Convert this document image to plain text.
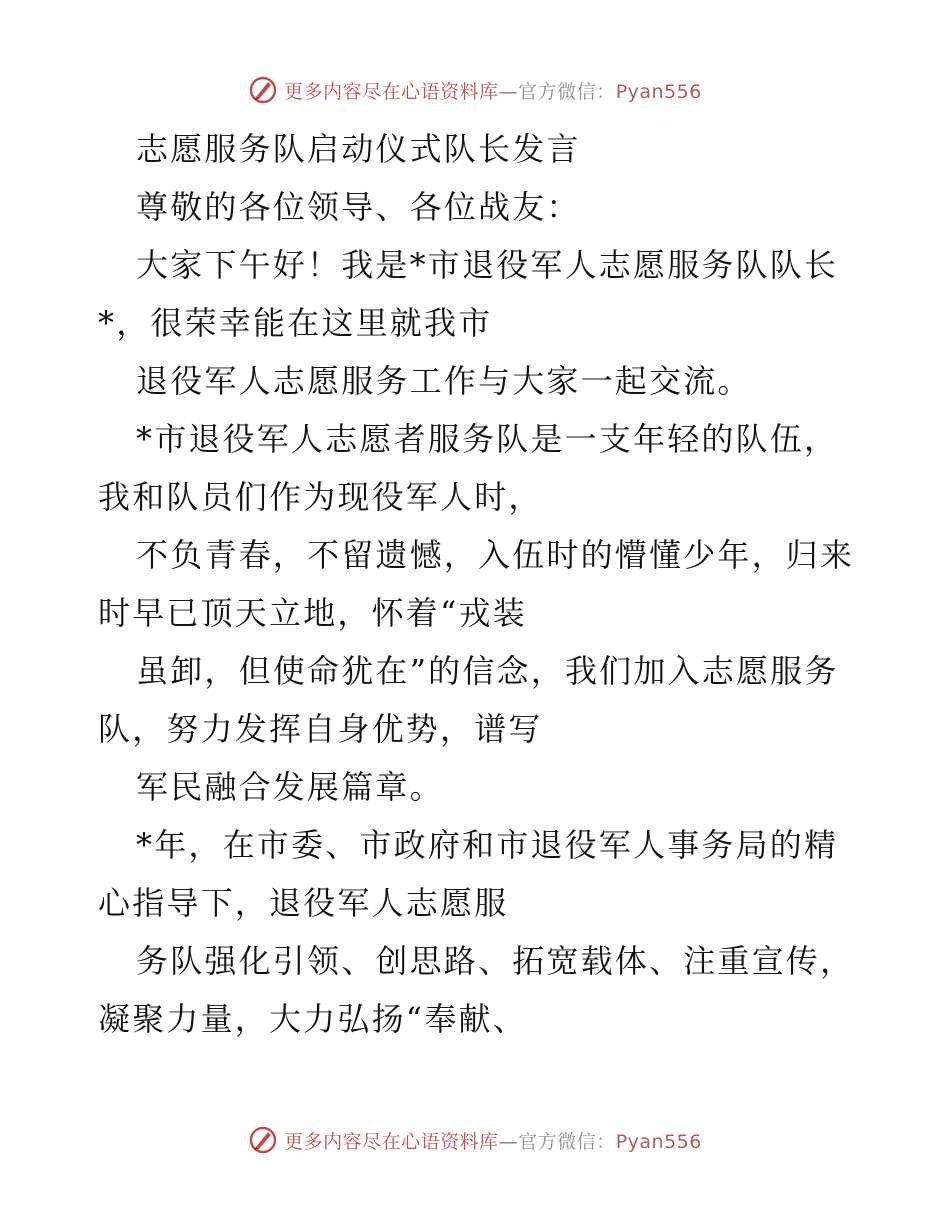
更多内容尽在心语资料库—官方微信：Pyan556
志愿服务队启动仪式队长发言
尊敬的各位领导、各位战友：
大家下午好！我是*市退役军人志愿服务队队长
*，很荣幸能在这里就我市
退役军人志愿服务工作与大家一起交流。
*市退役军人志愿者服务队是一支年轻的队伍，
我和队员们作为现役军人时，
不负青春，不留遗憾，入伍时的懵懂少年，归来
时早已顶天立地，怀着“戎装
虽卸，但使命犹在”的信念，我们加入志愿服务
队，努力发挥自身优势，谱写
军民融合发展篇章。
*年，在市委、市政府和市退役军人事务局的精
心指导下，退役军人志愿服
务队强化引领、创思路、拓宽载体、注重宣传，
凝聚力量，大力弘扬“奉献、
更多内容尽在心语资料库—官方微信：Pyan556
